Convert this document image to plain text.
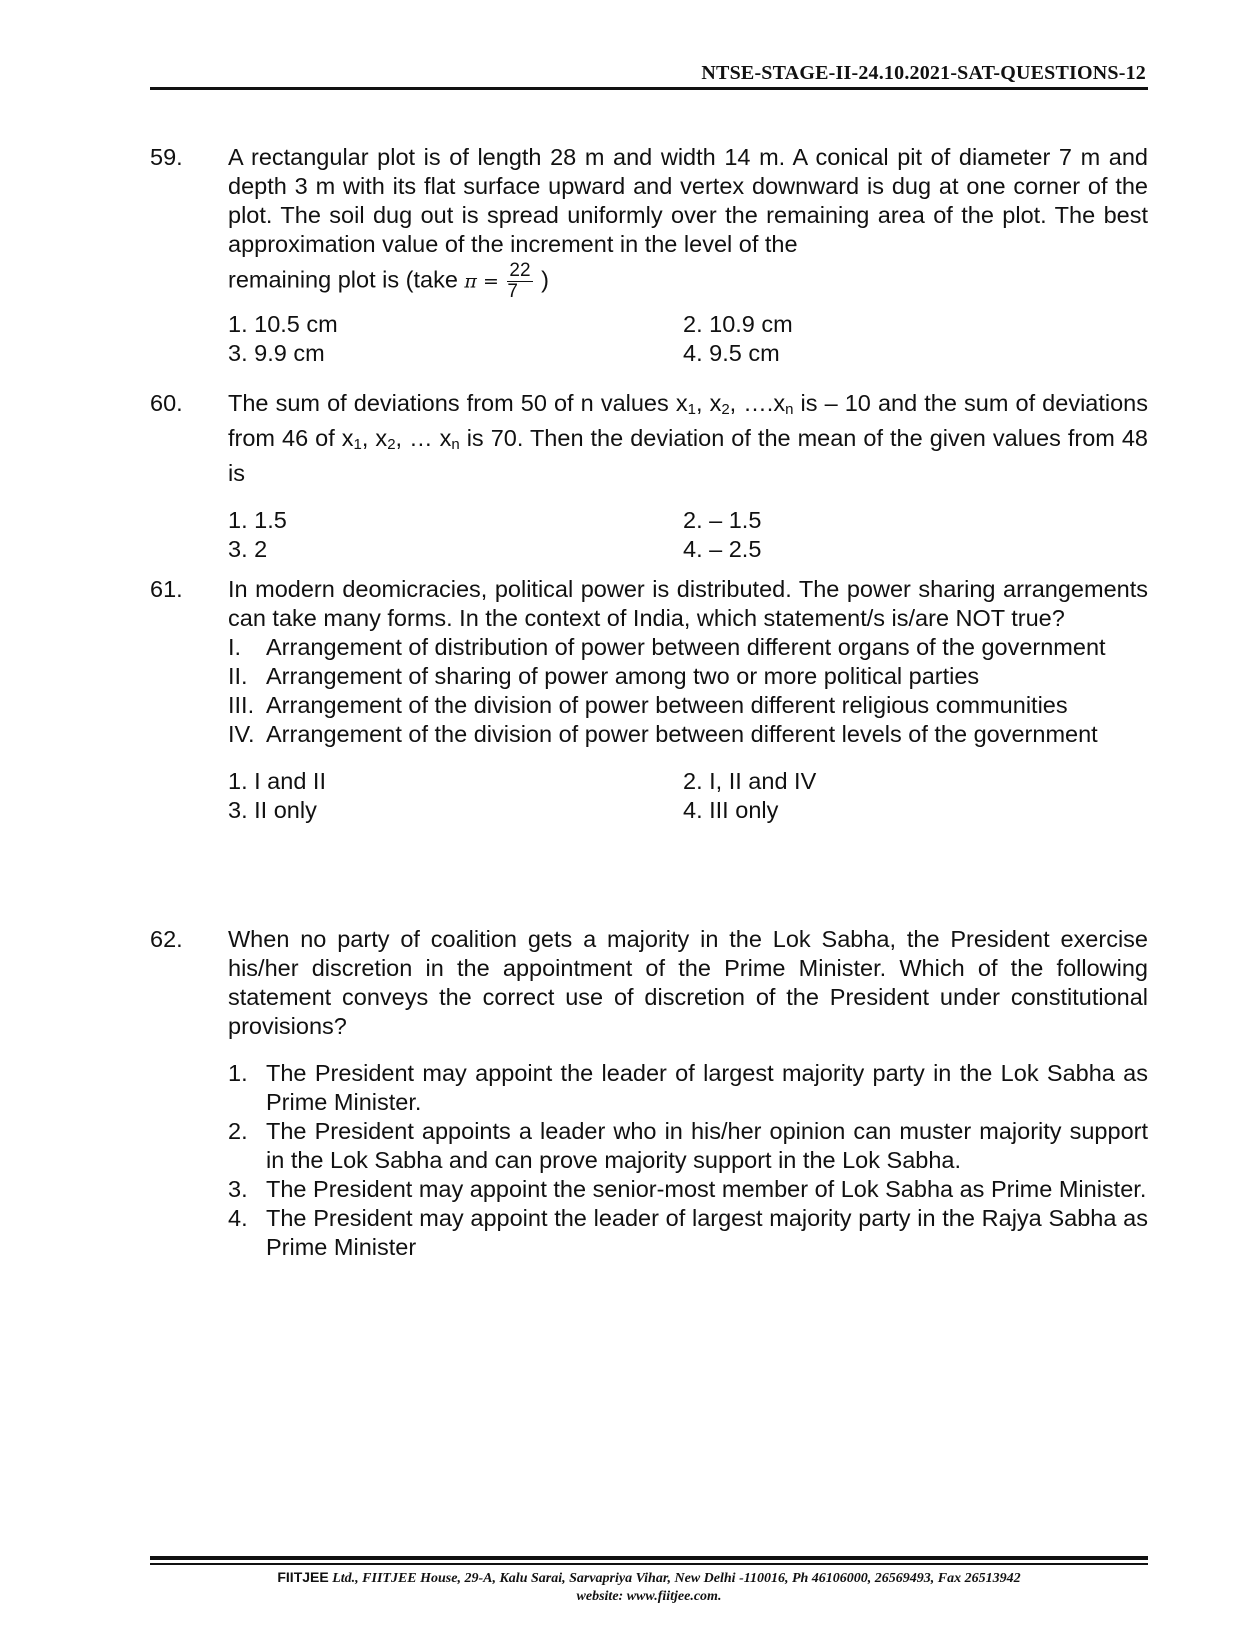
NTSE-STAGE-II-24.10.2021-SAT-QUESTIONS-12
59. A rectangular plot is of length 28 m and width 14 m. A conical pit of diameter 7 m and depth 3 m with its flat surface upward and vertex downward is dug at one corner of the plot. The soil dug out is spread uniformly over the remaining area of the plot. The best approximation value of the increment in the level of the

remaining plot is (take $\pi = \frac{22}{7}$ )

1. 10.5 cm	2. 10.9 cm
3. 9.9 cm	4. 9.5 cm
60. The sum of deviations from 50 of n values $x_1$, $x_2$, $\dots.x_n$ is – 10 and the sum of deviations from 46 of $x_1$, $x_2$, … $x_n$ is 70. Then the deviation of the mean of the given values from 48 is

1. 1.5	2. – 1.5
3. 2	4. – 2.5
61. In modern deomicracies, political power is distributed. The power sharing arrangements can take many forms. In the context of India, which statement/s is/are NOT true?

I.	Arrangement of distribution of power between different organs of the government
II. Arrangement of sharing of power among two or more political parties
III. Arrangement of the division of power between different religious communities
IV. Arrangement of the division of power between different levels of the government
1. I and II	2. I, II and IV
3. II only	4. III only
62. When no party of coalition gets a majority in the Lok Sabha, the President exercise his/her discretion in the appointment of the Prime Minister. Which of the following statement conveys the correct use of discretion of the President under constitutional provisions?

1. The President may appoint the leader of largest majority party in the Lok Sabha as Prime Minister.
2. The President appoints a leader who in his/her opinion can muster majority support in the Lok Sabha and can prove majority support in the Lok Sabha.
3. The President may appoint the senior-most member of Lok Sabha as Prime Minister.
4. The President may appoint the leader of largest majority party in the Rajya Sabha as Prime Minister
FIITJEE Ltd., FIITJEE House, 29-A, Kalu Sarai, Sarvapriya Vihar, New Delhi -110016, Ph 46106000, 26569493, Fax 26513942
website: www.fiitjee.com.
